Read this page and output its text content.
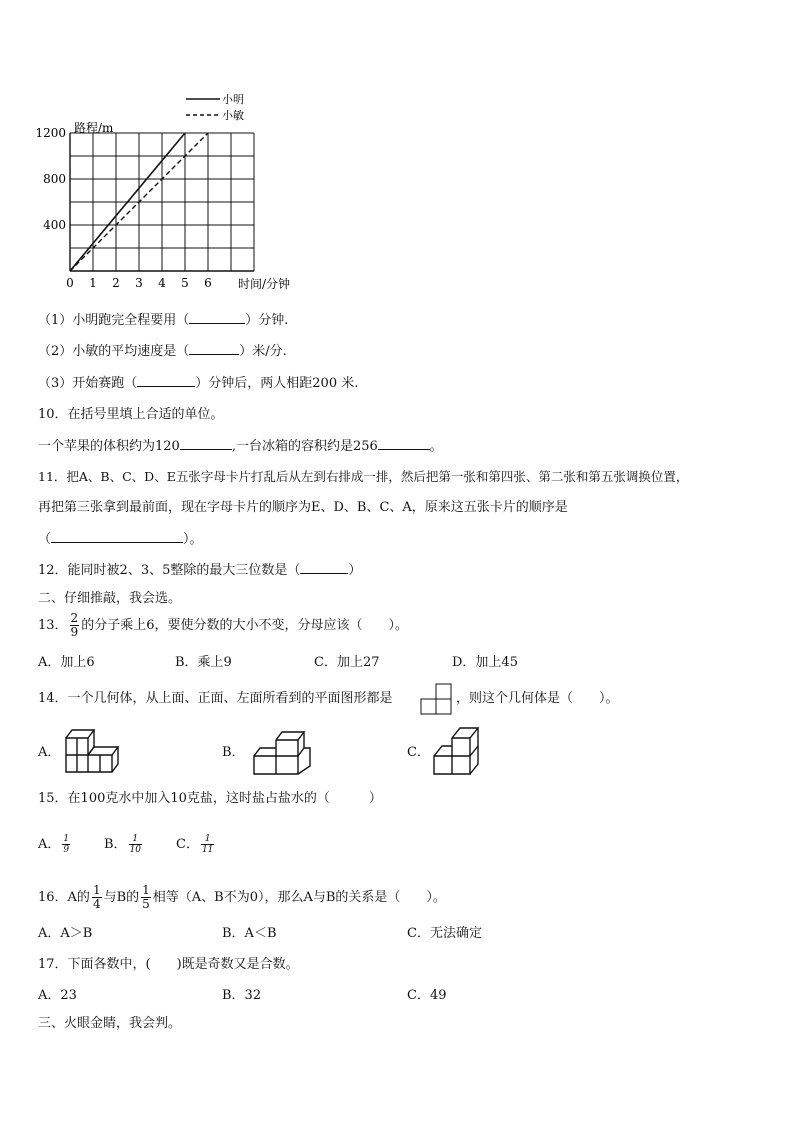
0 1 2 3 4 5 6
400
800
1200 路程/m
时间/分钟
小明
小敏
（1）小明跑完全程要用（	）分钟.
（2）小敏的平均速度是（	）米/分.
（3）开始赛跑（	）分钟后，两人相距200 米.
10．在括号里填上合适的单位。
一个苹果的体积约为120	,一台冰箱的容积约是256	。
11．把A、B、C、D、E五张字母卡片打乱后从左到右排成一排，然后把第一张和第四张、第二张和第五张调换位置，
再把第三张拿到最前面，现在字母卡片的顺序为E、D、B、C、A，原来这五张卡片的顺序是
（	）。
12．能同时被2、3、5整除的最大三位数是（	）
二、仔细推敲，我会选。
13． $\frac{2}{9}$ 的分子乘上6，要使分数的大小不变，分母应该（　　）。
A．加上6	B．乘上9	C．加上27	D．加上45
14．一个几何体，从上面、正面、左面所看到的平面图形都是	，则这个几何体是（　　）。
A．	B．	C．
15．在100克水中加入10克盐，这时盐占盐水的（　　　）
A． $\frac{1}{9}$	B． $\frac{1}{10}$	C． $\frac{1}{11}$
16．A的 $\frac{1}{4}$ 与B的 $\frac{1}{5}$ 相等（A、B不为0），那么A与B的关系是（　　）。
A．A＞B	B．A＜B	C．无法确定
17．下面各数中，(　　)既是奇数又是合数。
A．23	B．32	C．49
三、火眼金睛，我会判。
